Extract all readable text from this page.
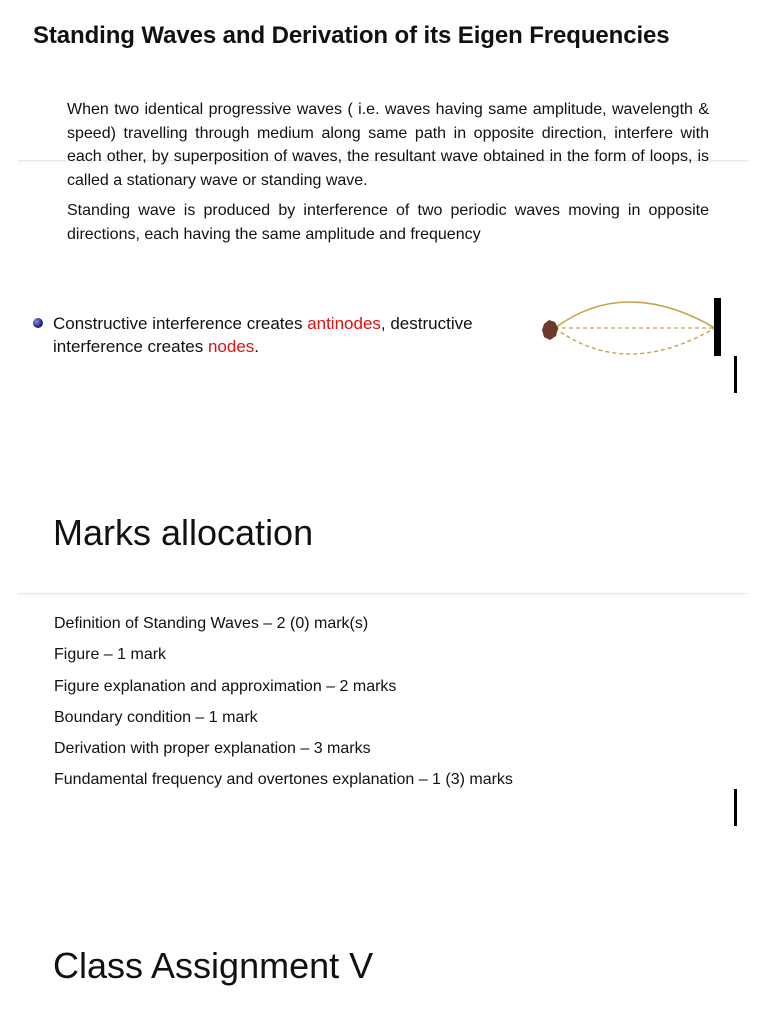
Standing Waves and Derivation of its Eigen Frequencies
When two identical progressive waves ( i.e. waves having same amplitude, wavelength & speed) travelling through medium along same path in opposite direction, interfere with each other, by superposition of waves, the resultant wave obtained in the form of loops, is called a stationary wave or standing wave.
Standing wave is produced by interference of two periodic waves moving in opposite directions, each having the same amplitude and frequency
Constructive interference creates antinodes, destructive interference creates nodes.
Marks allocation
Definition of Standing Waves – 2 (0) mark(s)
Figure – 1 mark
Figure explanation and approximation – 2 marks
Boundary condition – 1 mark
Derivation with proper explanation – 3 marks
Fundamental frequency and overtones explanation – 1 (3) marks
Class Assignment V
